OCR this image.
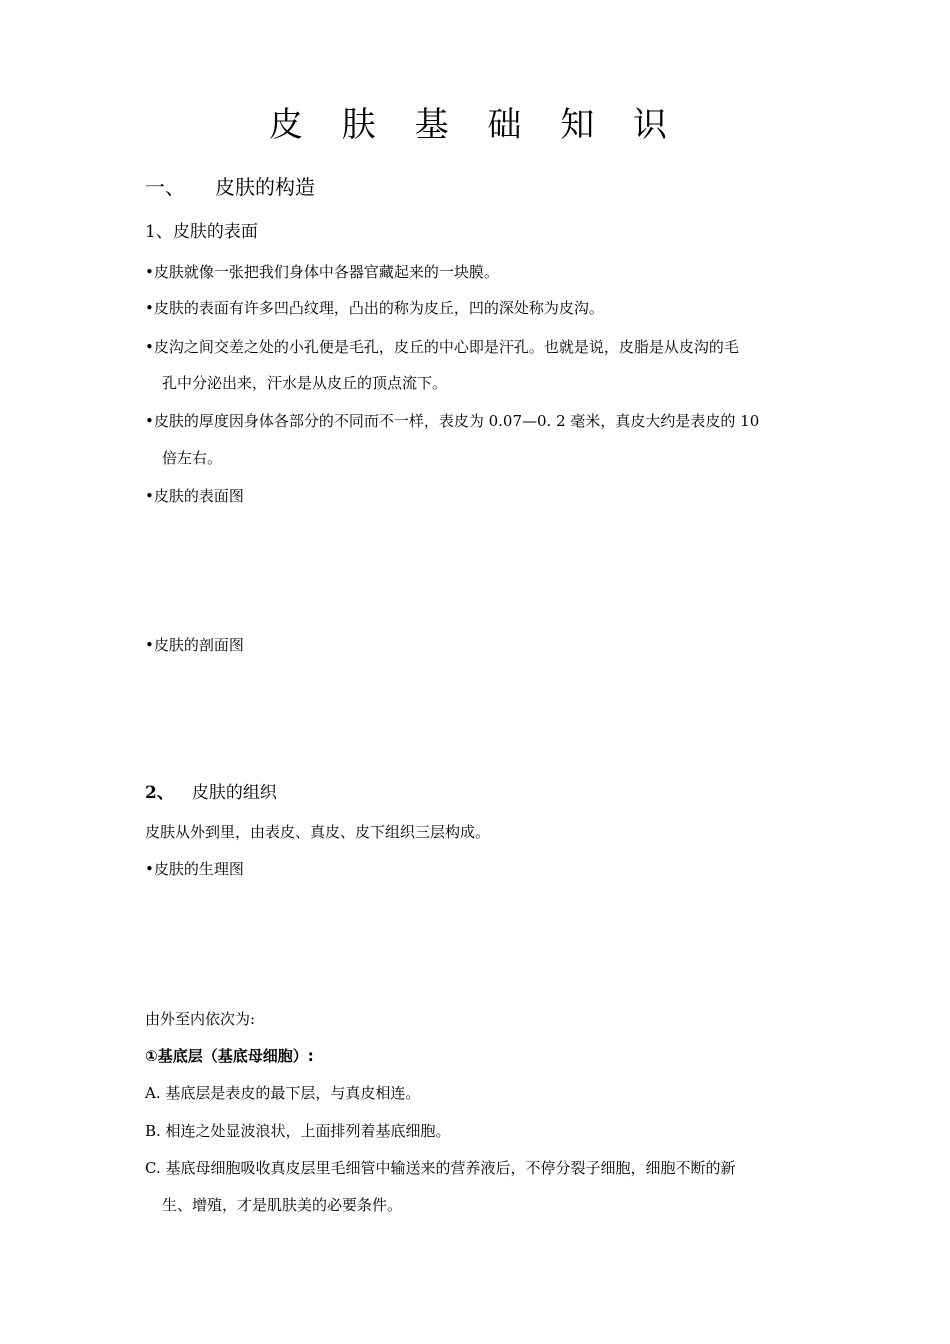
皮 肤 基 础 知 识
一、 皮肤的构造
1、皮肤的表面
•皮肤就像一张把我们身体中各器官藏起来的一块膜。
•皮肤的表面有许多凹凸纹理，凸出的称为皮丘，凹的深处称为皮沟。
•皮沟之间交差之处的小孔便是毛孔，皮丘的中心即是汗孔。也就是说，皮脂是从皮沟的毛
孔中分泌出来，汗水是从皮丘的顶点流下。
•皮肤的厚度因身体各部分的不同而不一样，表皮为 0.07—0. 2 毫米，真皮大约是表皮的 10
倍左右。
•皮肤的表面图
•皮肤的剖面图
2、 皮肤的组织
皮肤从外到里，由表皮、真皮、皮下组织三层构成。
•皮肤的生理图
由外至内依次为:
①基底层（基底母细胞）:
A. 基底层是表皮的最下层，与真皮相连。
B. 相连之处显波浪状，上面排列着基底细胞。
C. 基底母细胞吸收真皮层里毛细管中输送来的营养液后，不停分裂子细胞，细胞不断的新
生、增殖，才是肌肤美的必要条件。
